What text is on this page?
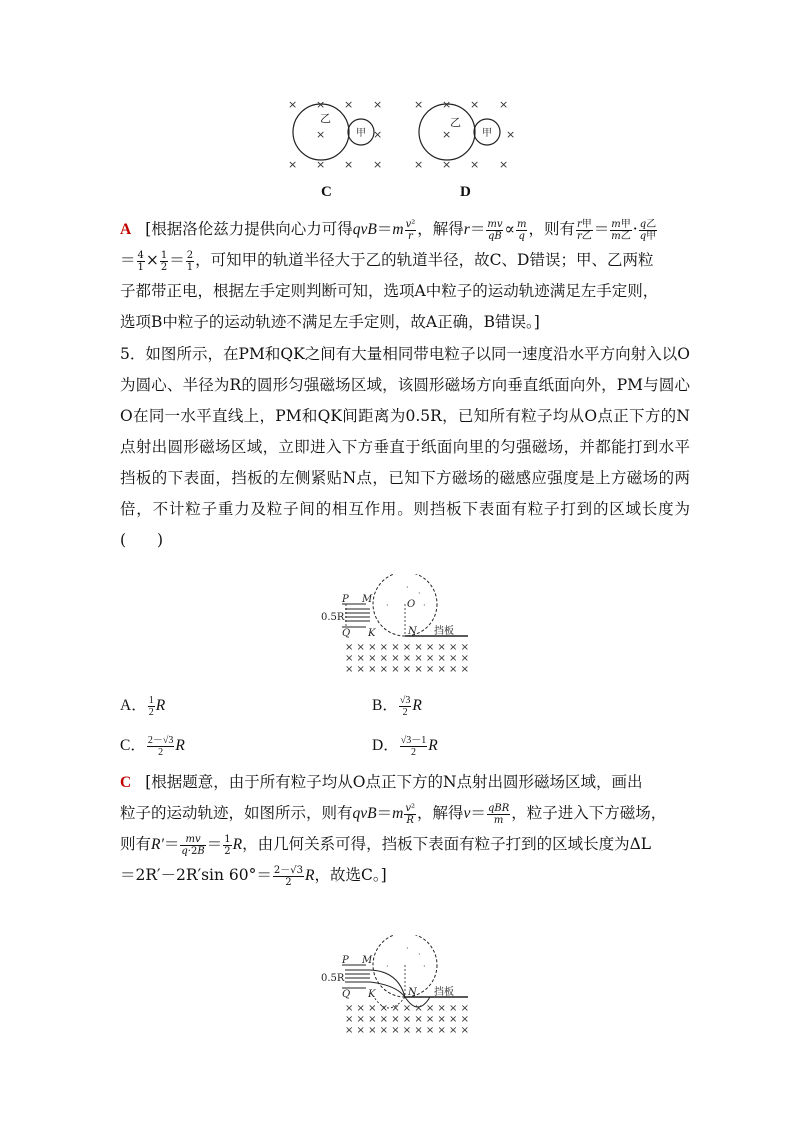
× × × ×
×	×
× × × ×
乙
甲
C
× × × ×
×	×
× × × ×
乙
甲
D
A [根据洛伦兹力提供向心力可得$qvB=m \frac{\text{v²}}{r}$ ，解得$r= \frac{mv}{qB} \propto \frac{m}{q}$ ，则有 $\frac{\text{r甲}}{\text{r乙}} = \frac{\text{m甲}}{\text{m乙}} \cdot \frac{\text{q乙}}{\text{q甲}}$

＝ $\frac{4}{1} \times \frac{1}{2} = \frac{2}{1}$ ，可知甲的轨道半径大于乙的轨道半径，故C、D错误；甲、乙两粒
子都带正电，根据左手定则判断可知，选项A中粒子的运动轨迹满足左手定则，
选项B中粒子的运动轨迹不满足左手定则，故A正确，B错误。]
5．如图所示，在PM和QK之间有大量相同带电粒子以同一速度沿水平方向射入以O为圆心、半径为R的圆形匀强磁场区域，该圆形磁场方向垂直纸面向外，PM与圆心O在同一水平直线上，PM和QK间距离为0.5R，已知所有粒子均从O点正下方的N点射出圆形磁场区域，立即进入下方垂直于纸面向里的匀强磁场，并都能打到水平挡板的下表面，挡板的左侧紧贴N点，已知下方磁场的磁感应强度是上方磁场的两倍，不计粒子重力及粒子间的相互作用。则挡板下表面有粒子打到的区域长度为(　　)
·	·
·
·
P M	O
0.5R
Q K	N 挡板
× × × × × × × × × × ×
× × × × × × × × × × ×
× × × × × × × × × × ×
A． $\frac{1}{2}$ R	B． $\frac{√3}{2}$ R
C． $\frac{2-√3}{2}$ R	D． $\frac{√3-1}{2}$ R
C [根据题意，由于所有粒子均从O点正下方的N点射出圆形磁场区域，画出
粒子的运动轨迹，如图所示，则有$qvB=m \frac{\text{v²}}{R}$ ，解得$v= \frac{\text{qBR}}{m}$ ，粒子进入下方磁场，
则有$R'= \frac{mv}{q\cdot 2B} = \frac{1}{2}$ R，由几何关系可得，挡板下表面有粒子打到的区域长度为ΔL
＝2R′－2R′sin $60^\circ= \frac{2-√3}{2}$ R，故选C。]
·	·
·
·
P M
0.5R
Q K	N 挡板
× × × × × × × × × × ×
× × × × × × × × × × ×
× × × × × × × × × × ×
